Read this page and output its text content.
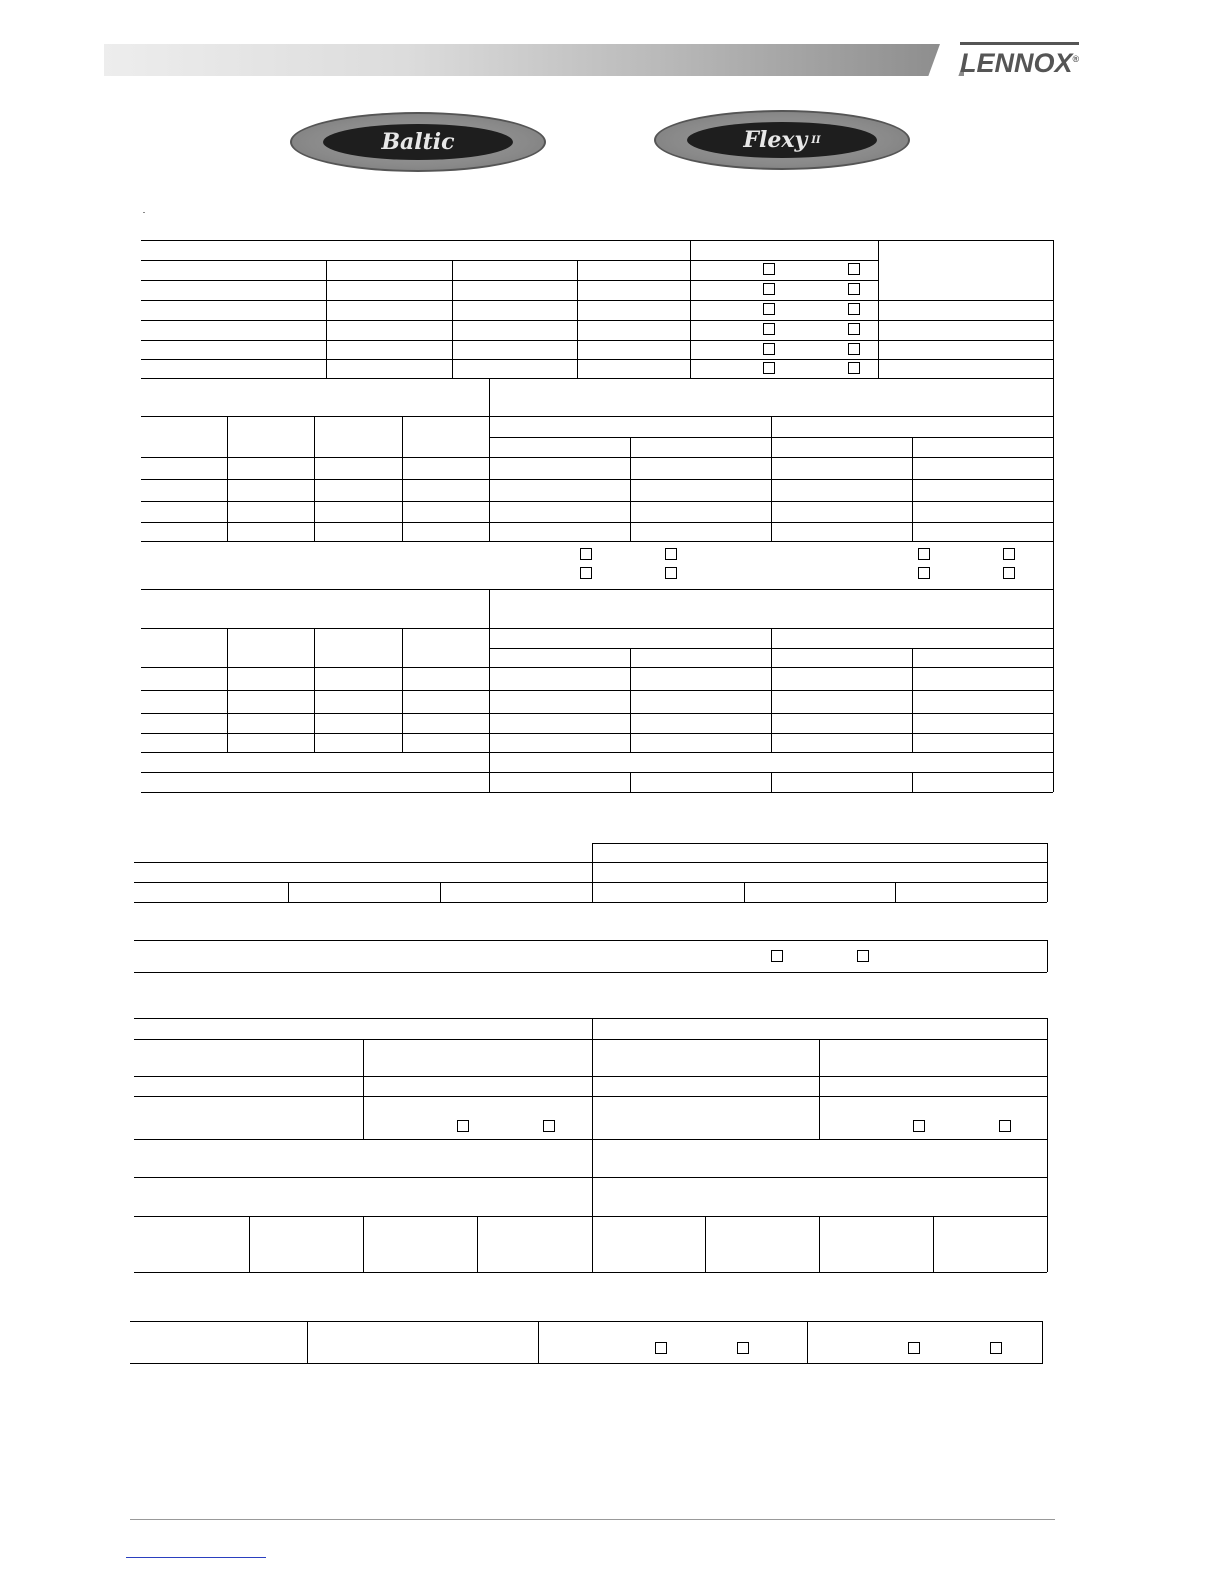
LENNOX®
Baltic	Flexy II
